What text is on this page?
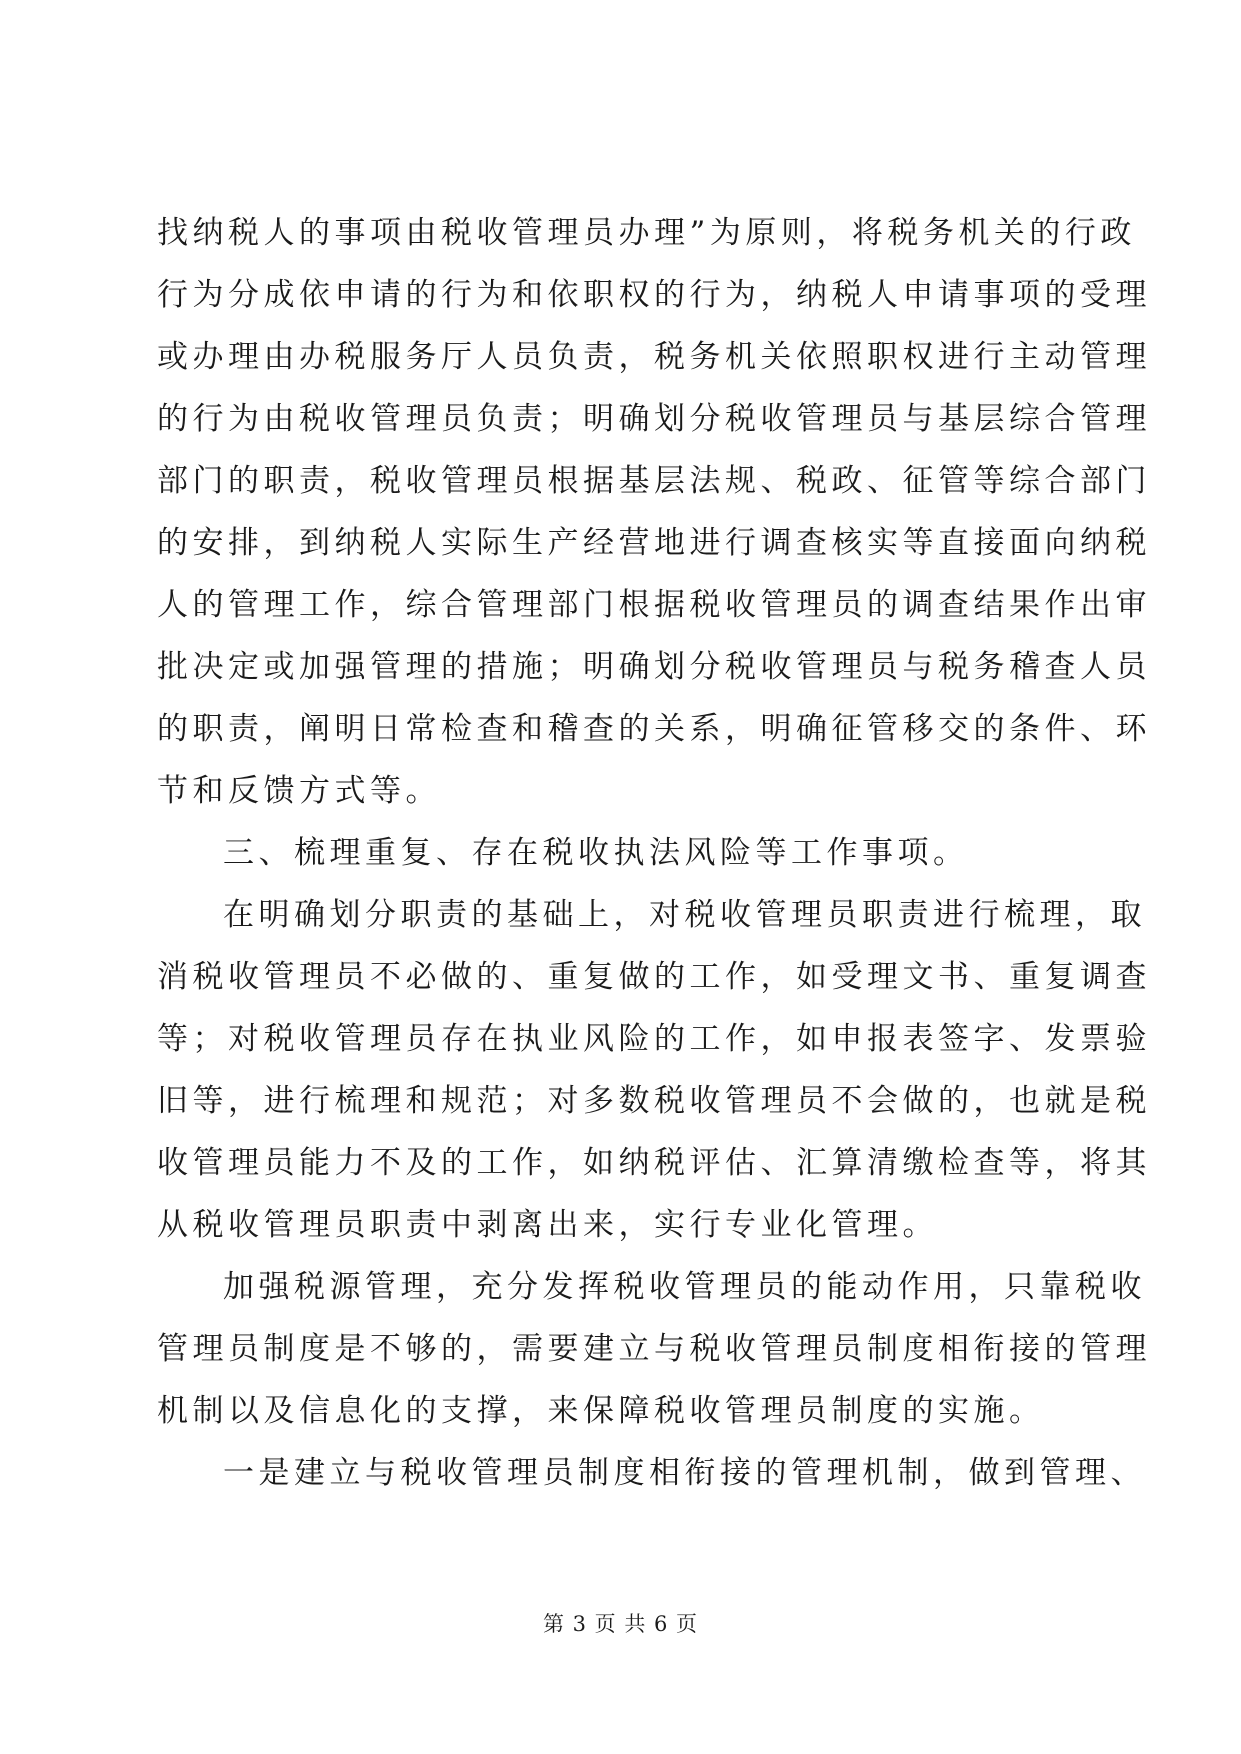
找纳税人的事项由税收管理员办理”为原则，将税务机关的行政
行为分成依申请的行为和依职权的行为，纳税人申请事项的受理
或办理由办税服务厅人员负责，税务机关依照职权进行主动管理
的行为由税收管理员负责；明确划分税收管理员与基层综合管理
部门的职责，税收管理员根据基层法规、税政、征管等综合部门
的安排，到纳税人实际生产经营地进行调查核实等直接面向纳税
人的管理工作，综合管理部门根据税收管理员的调查结果作出审
批决定或加强管理的措施；明确划分税收管理员与税务稽查人员
的职责，阐明日常检查和稽查的关系，明确征管移交的条件、环
节和反馈方式等。
三、梳理重复、存在税收执法风险等工作事项。
在明确划分职责的基础上，对税收管理员职责进行梳理，取
消税收管理员不必做的、重复做的工作，如受理文书、重复调查
等；对税收管理员存在执业风险的工作，如申报表签字、发票验
旧等，进行梳理和规范；对多数税收管理员不会做的，也就是税
收管理员能力不及的工作，如纳税评估、汇算清缴检查等，将其
从税收管理员职责中剥离出来，实行专业化管理。
加强税源管理，充分发挥税收管理员的能动作用，只靠税收
管理员制度是不够的，需要建立与税收管理员制度相衔接的管理
机制以及信息化的支撑，来保障税收管理员制度的实施。
一是建立与税收管理员制度相衔接的管理机制，做到管理、
第 3 页 共 6 页
